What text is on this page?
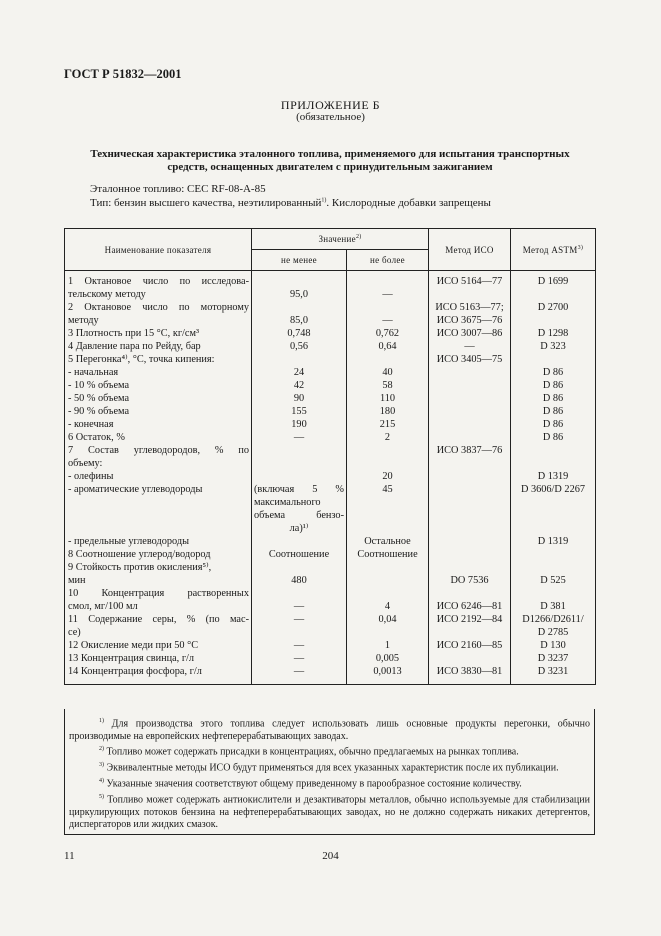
ГОСТ Р 51832—2001
ПРИЛОЖЕНИЕ Б
(обязательное)
Техническая характеристика эталонного топлива, применяемого для испытания транспортных средств, оснащенных двигателем с принудительным зажиганием
Эталонное топливо: CEC RF-08-A-85
Тип: бензин высшего качества, неэтилированный$^{1)}$. Кислородные добавки запрещены
Наименование показателя	Значение$^{2)}$		Метод ИСО	Метод ASTM$^{3)}$
	не менее	не более		

1 Октановое число по исследова-			ИСО 5164—77	D 1699
тельскому методу	95,0	—		

2 Октановое число по моторному			ИСО 5163—77;	D 2700
методу	85,0	—	ИСО 3675—76	
3 Плотность при 15 °С, кг/см³	0,748	0,762	ИСО 3007—86	D 1298
4 Давление пара по Рейду, бар	0,56	0,64	—	D 323
5 Перегонка⁴⁾, °С, точка кипения:			ИСО 3405—75	
- начальная	24	40		D 86
- 10 % объема	42	58		D 86
- 50 % объема	90	110		D 86
- 90 % объема	155	180		D 86
- конечная	190	215		D 86
6 Остаток, %	—	2		D 86

7 Состав углеводородов, % по			ИСО 3837—76	
объему:				
- олефины		20		D 1319
- ароматические углеводороды	(включая 5 %	45		D 3606/D 2267

	максимального			

	объема бензо-			

	ла)¹⁾			
- предельные углеводороды		Остальное		D 1319
8 Соотношение углерод/водород	Соотношение	Соотношение		
9 Стойкость против окисления⁵⁾,				
мин	480		DO 7536	D 525

10 Концентрация растворенных				

смол, мг/100 мл	—	4	ИСО 6246—81	D 381

11 Содержание серы, % (по мас-	—	0,04	ИСО 2192—84	D1266/D2611/
се)				D 2785
12 Окисление меди при 50 °С	—	1	ИСО 2160—85	D 130
13 Концентрация свинца, г/л	—	0,005		D 3237
14 Концентрация фосфора, г/л	—	0,0013	ИСО 3830—81	D 3231

$^{1)}$ Для производства этого топлива следует использовать лишь основные продукты перегонки, обычно производимые на европейских нефтеперерабатывающих заводах.

$^{2)}$ Топливо может содержать присадки в концентрациях, обычно предлагаемых на рынках топлива.

$^{3)}$ Эквивалентные методы ИСО будут применяться для всех указанных характеристик после их публикации.

$^{4)}$ Указанные значения соответствуют общему приведенному в парообразное состояние количеству.

$^{5)}$ Топливо может содержать антиокислители и дезактиваторы металлов, обычно используемые для стабилизации циркулирующих потоков бензина на нефтеперерабатывающих заводах, но не должно содержать никаких детергентов, диспергаторов или жидких смазок.

11	204
